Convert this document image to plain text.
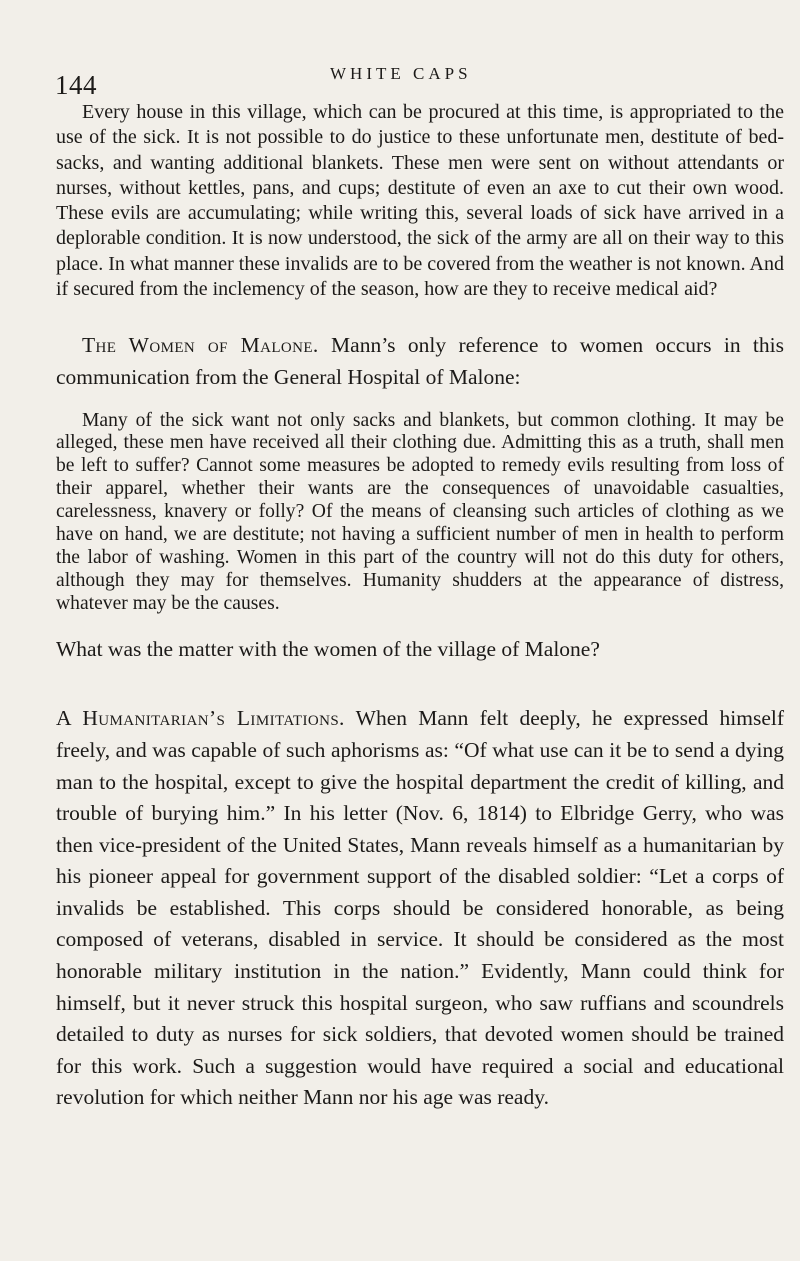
144	WHITE CAPS

Every house in this village, which can be procured at this time, is appropriated to the use of the sick. It is not possible to do justice to these unfortunate men, destitute of bed-sacks, and wanting additional blankets. These men were sent on without attendants or nurses, without kettles, pans, and cups; destitute of even an axe to cut their own wood. These evils are accumulating; while writing this, several loads of sick have arrived in a deplorable condition. It is now understood, the sick of the army are all on their way to this place. In what manner these invalids are to be covered from the weather is not known. And if secured from the inclemency of the season, how are they to receive medical aid?

The Women of Malone. Mann’s only reference to women occurs in this communication from the General Hospital of Malone:

Many of the sick want not only sacks and blankets, but common clothing. It may be alleged, these men have received all their clothing due. Admitting this as a truth, shall men be left to suffer? Cannot some measures be adopted to remedy evils resulting from loss of their apparel, whether their wants are the consequences of unavoidable casualties, carelessness, knavery or folly? Of the means of cleansing such articles of clothing as we have on hand, we are destitute; not having a sufficient number of men in health to perform the labor of washing. Women in this part of the country will not do this duty for others, although they may for themselves. Humanity shudders at the appearance of distress, whatever may be the causes.

What was the matter with the women of the village of Malone?

A Humanitarian’s Limitations. When Mann felt deeply, he expressed himself freely, and was capable of such aphorisms as: “Of what use can it be to send a dying man to the hospital, except to give the hospital department the credit of killing, and trouble of burying him.” In his letter (Nov. 6, 1814) to Elbridge Gerry, who was then vice-president of the United States, Mann reveals himself as a humanitarian by his pioneer appeal for government support of the disabled soldier: “Let a corps of invalids be established. This corps should be considered honorable, as being composed of veterans, disabled in service. It should be considered as the most honorable military institution in the nation.” Evidently, Mann could think for himself, but it never struck this hospital surgeon, who saw ruffians and scoundrels detailed to duty as nurses for sick soldiers, that devoted women should be trained for this work. Such a suggestion would have required a social and educational revolution for which neither Mann nor his age was ready.
